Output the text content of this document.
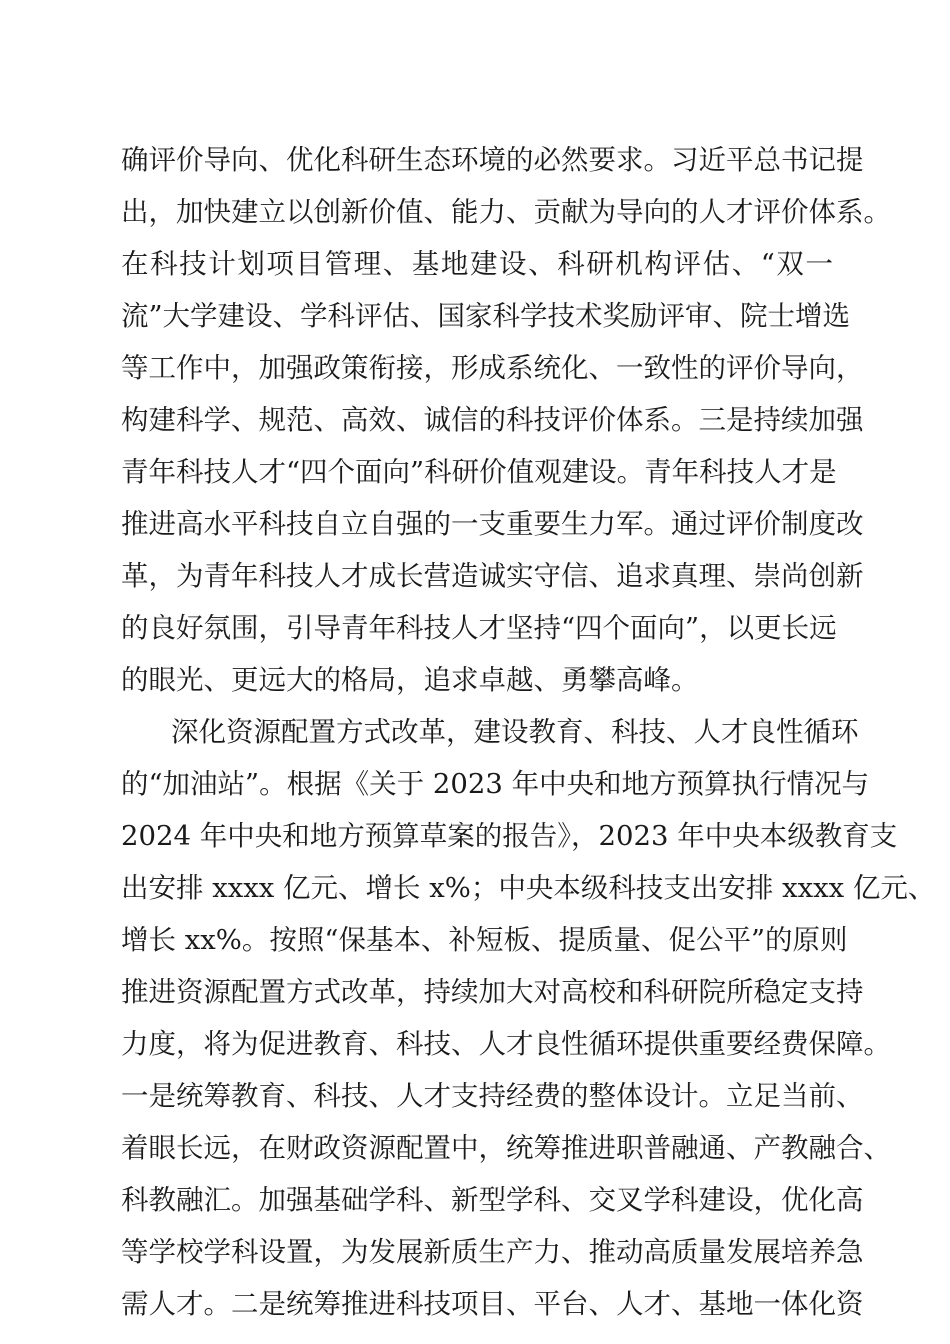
确评价导向、优化科研生态环境的必然要求。习近平总书记提
出，加快建立以创新价值、能力、贡献为导向的人才评价体系。
在科技计划项目管理、基地建设、科研机构评估、“双一
流”大学建设、学科评估、国家科学技术奖励评审、院士增选
等工作中，加强政策衔接，形成系统化、一致性的评价导向，
构建科学、规范、高效、诚信的科技评价体系。三是持续加强
青年科技人才“四个面向”科研价值观建设。青年科技人才是
推进高水平科技自立自强的一支重要生力军。通过评价制度改
革，为青年科技人才成长营造诚实守信、追求真理、崇尚创新
的良好氛围，引导青年科技人才坚持“四个面向”，以更长远
的眼光、更远大的格局，追求卓越、勇攀高峰。
深化资源配置方式改革，建设教育、科技、人才良性循环
的“加油站”。根据《关于 2023 年中央和地方预算执行情况与
2024 年中央和地方预算草案的报告》，2023 年中央本级教育支
出安排 xxxx 亿元、增长 x%；中央本级科技支出安排 xxxx 亿元、
增长 xx%。按照“保基本、补短板、提质量、促公平”的原则
推进资源配置方式改革，持续加大对高校和科研院所稳定支持
力度，将为促进教育、科技、人才良性循环提供重要经费保障。
一是统筹教育、科技、人才支持经费的整体设计。立足当前、
着眼长远，在财政资源配置中，统筹推进职普融通、产教融合、
科教融汇。加强基础学科、新型学科、交叉学科建设，优化高
等学校学科设置，为发展新质生产力、推动高质量发展培养急
需人才。二是统筹推进科技项目、平台、人才、基地一体化资
